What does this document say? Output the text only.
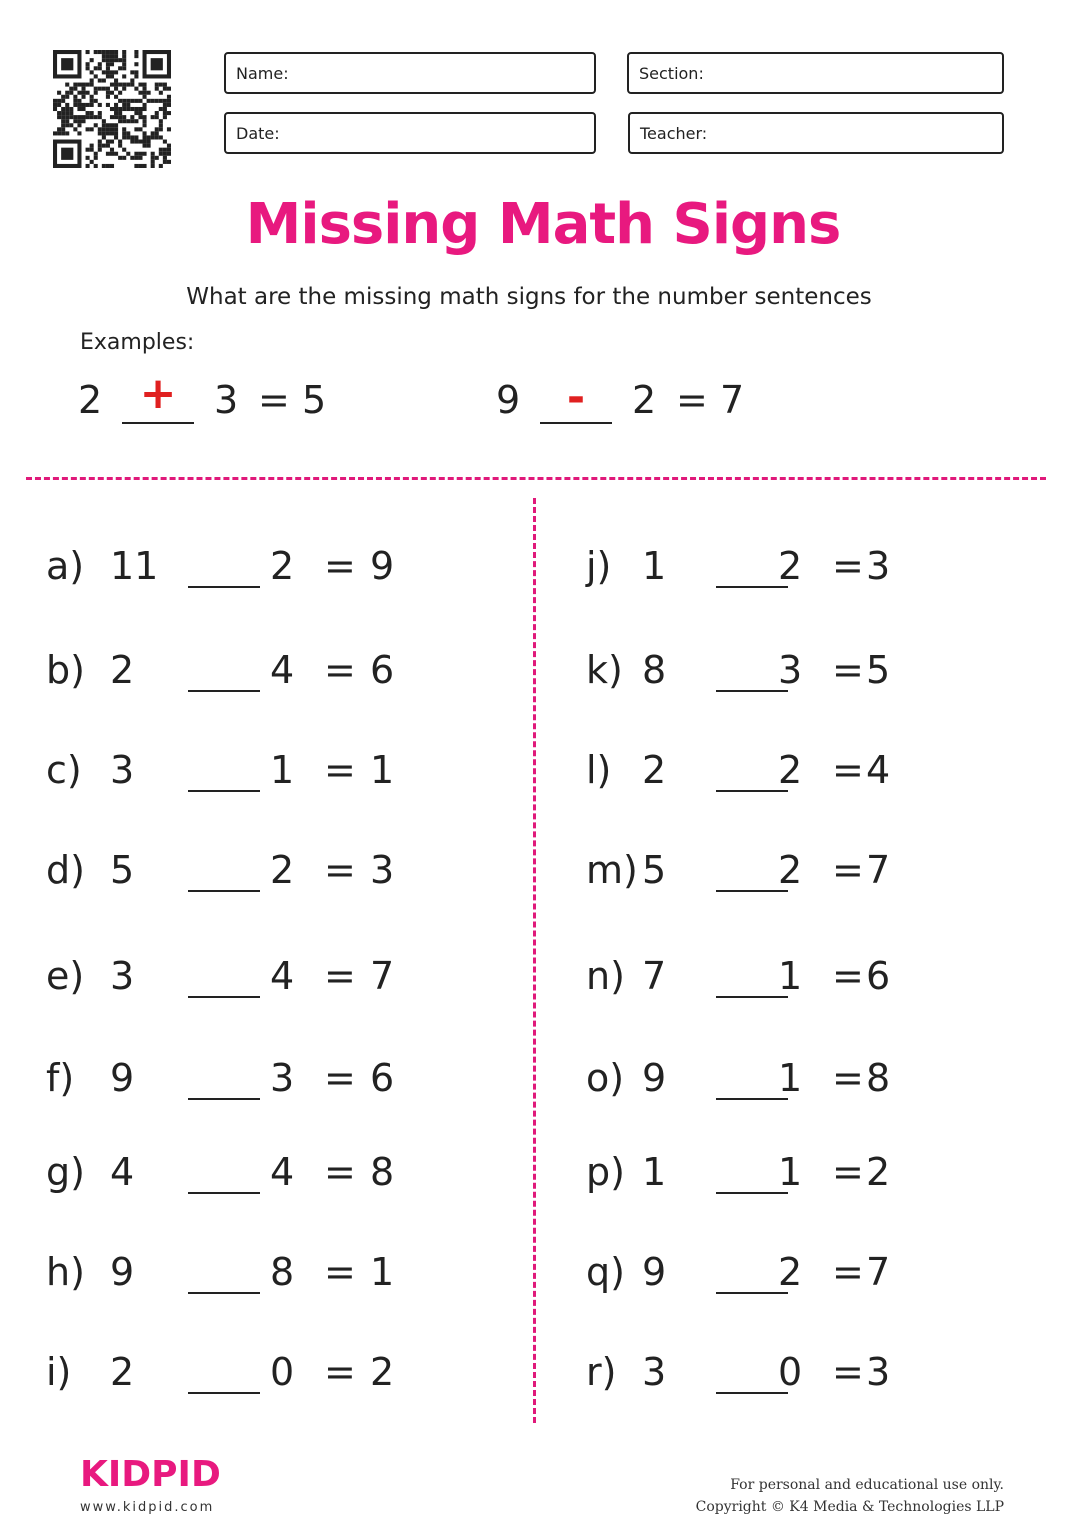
Name:	Section:
Date:	Teacher:
Missing Math Signs
What are the missing math signs for the number sentences
Examples:
2 + 3 = 5	9	-	2 = 7
a) 11	2 = 9
b) 2	4 = 6
c) 3	1 = 1
d) 5	2 = 3
e) 3	4 = 7
f) 9	3 = 6
g) 4	4 = 8
h) 9	8 = 1
i) 2	0 = 2
j) 1	2 = 3
k) 8	3 = 5
l) 2	2 = 4
m) 5	2 = 7
n) 7	1 = 6
o) 9	1 = 8
p) 1	1 = 2
q) 9	2 = 7
r) 3	0 = 3
KIDPID
www.kidpid.com
For personal and educational use only.
Copyright © K4 Media & Technologies LLP
